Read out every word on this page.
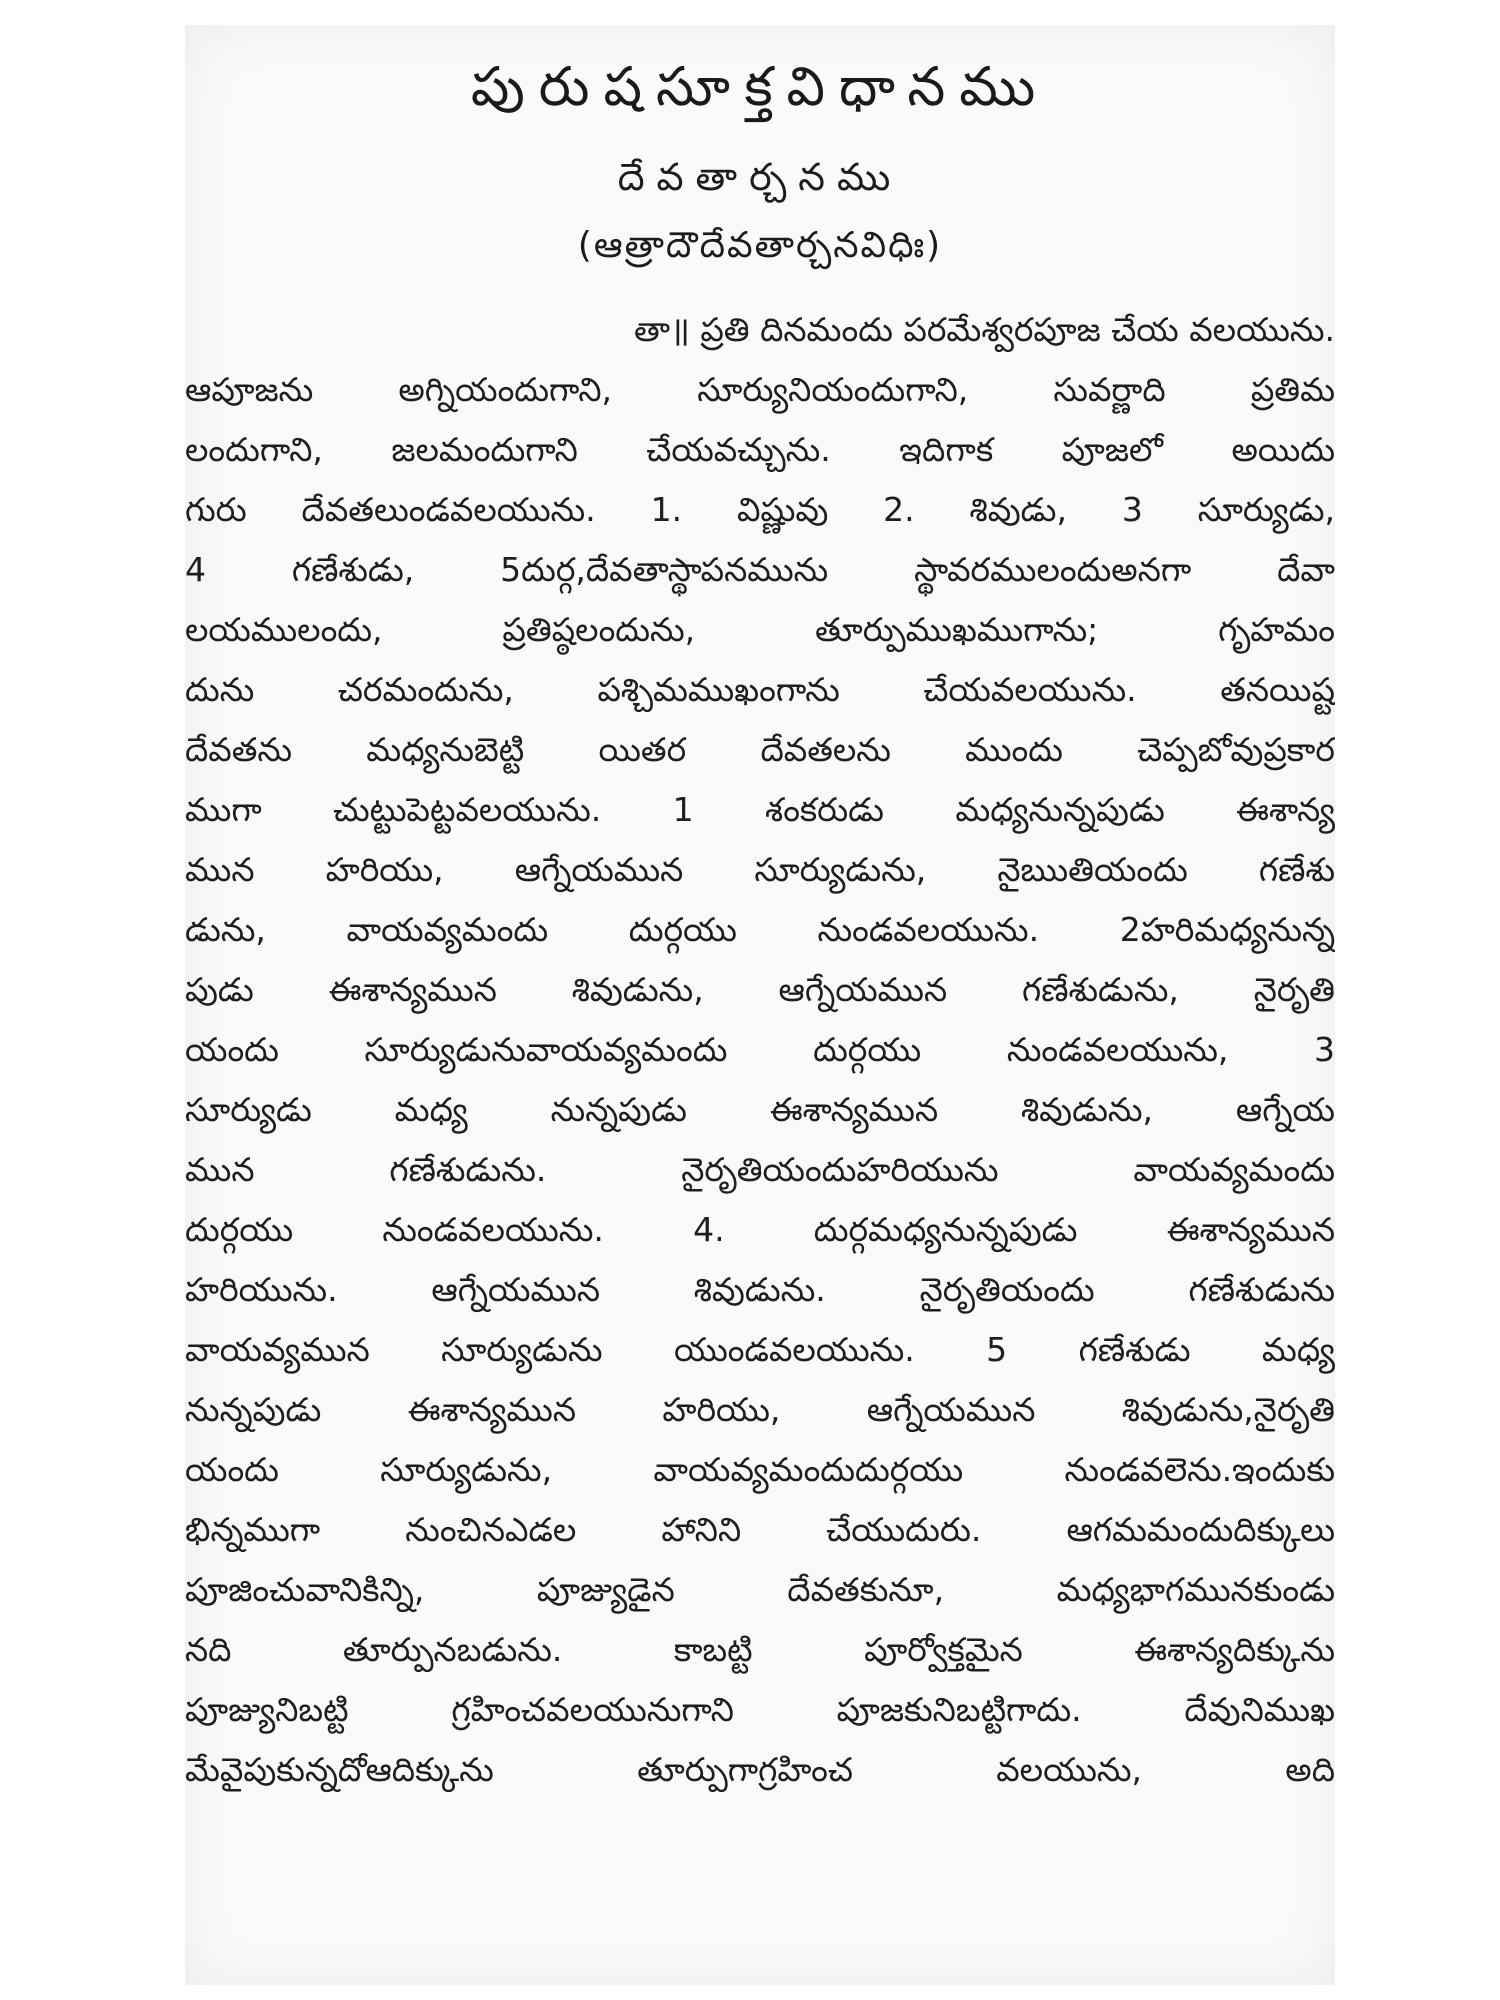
పురుషసూక్తవిధానము
దేవతార్చనము
(ఆత్రాదౌదేవతార్చనవిధిః)
తా॥ ప్రతి దినమందు పరమేశ్వరపూజ చేయ వలయును.
ఆపూజను అగ్నియందుగాని, సూర్యునియందుగాని, సువర్ణాది ప్రతిమ
లందుగాని, జలమందుగాని చేయవచ్చును. ఇదిగాక పూజలో అయిదు
గురు దేవతలుండవలయును. 1. విష్ణువు 2. శివుడు, 3 సూర్యుడు,
4 గణేశుడు, 5దుర్గ,దేవతాస్థాపనమును స్థావరములందుఅనగా దేవా
లయములందు, ప్రతిష్ఠలందును, తూర్పుముఖముగాను; గృహమం
దును చరమందును, పశ్చిమముఖంగాను చేయవలయును. తనయిష్ట
దేవతను మధ్యనుబెట్టి యితర దేవతలను ముందు చెప్పబోవుప్రకార
ముగా చుట్టుపెట్టవలయును. 1 శంకరుడు మధ్యనున్నపుడు ఈశాన్య
మున హరియు, ఆగ్నేయమున సూర్యుడును, నైఋతియందు గణేశు
డును, వాయవ్యమందు దుర్గయు నుండవలయును. 2హరిమధ్యనున్న
పుడు ఈశాన్యమున శివుడును, ఆగ్నేయమున గణేశుడును, నైరృతి
యందు సూర్యుడునువాయవ్యమందు దుర్గయు నుండవలయును, 3
సూర్యుడు మధ్య నున్నపుడు ఈశాన్యమున శివుడును, ఆగ్నేయ
మున గణేశుడును. నైరృతియందుహరియును వాయవ్యమందు
దుర్గయు నుండవలయును. 4. దుర్గమధ్యనున్నపుడు ఈశాన్యమున
హరియును. ఆగ్నేయమున శివుడును. నైరృతియందు గణేశుడును
వాయవ్యమున సూర్యుడును యుండవలయును. 5 గణేశుడు మధ్య
నున్నపుడు ఈశాన్యమున హరియు, ఆగ్నేయమున శివుడును,నైరృతి
యందు సూర్యుడును, వాయవ్యమందుదుర్గయు నుండవలెను.ఇందుకు
భిన్నముగా నుంచినఎడల హానిని చేయుదురు. ఆగమమందుదిక్కులు
పూజించువానికిన్ని, పూజ్యుడైన దేవతకునూ, మధ్యభాగమునకుండు
నది తూర్పునబడును. కాబట్టి పూర్వోక్తమైన ఈశాన్యదిక్కును
పూజ్యునిబట్టి గ్రహించవలయునుగాని పూజకునిబట్టిగాదు. దేవునిముఖ
మేవైపుకున్నదోఆదిక్కును తూర్పుగాగ్రహించ వలయును, అది
